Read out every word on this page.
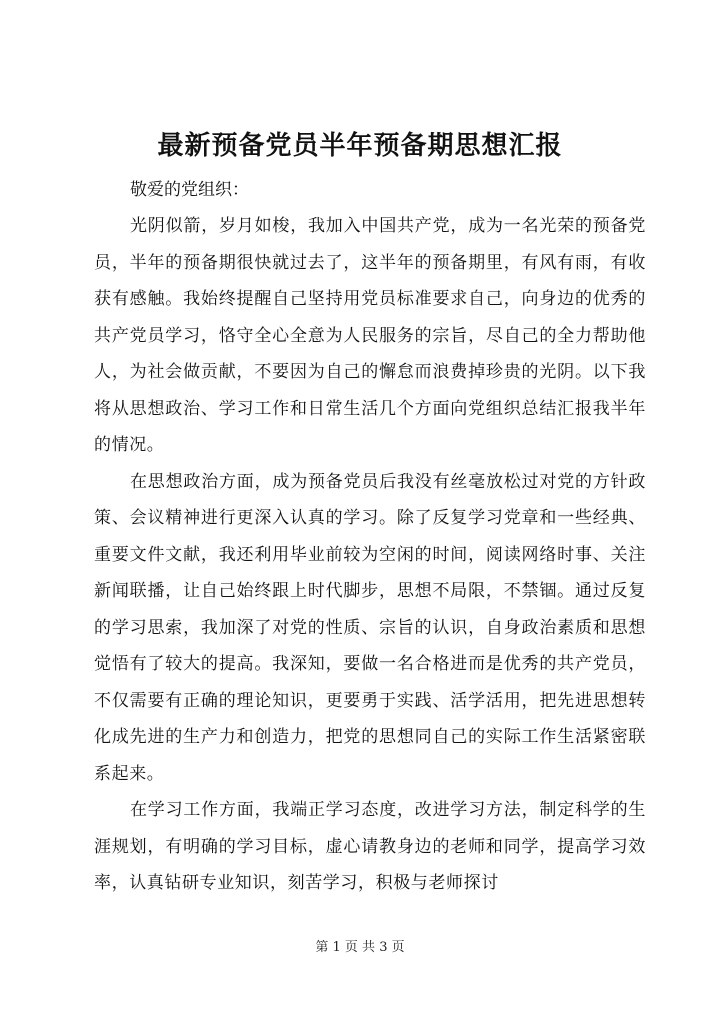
最新预备党员半年预备期思想汇报

敬爱的党组织：

光阴似箭，岁月如梭，我加入中国共产党，成为一名光荣的预备党员，半年的预备期很快就过去了，这半年的预备期里，有风有雨，有收获有感触。我始终提醒自己坚持用党员标准要求自己，向身边的优秀的共产党员学习，恪守全心全意为人民服务的宗旨，尽自己的全力帮助他人，为社会做贡献，不要因为自己的懈怠而浪费掉珍贵的光阴。以下我将从思想政治、学习工作和日常生活几个方面向党组织总结汇报我半年的情况。

在思想政治方面，成为预备党员后我没有丝毫放松过对党的方针政策、会议精神进行更深入认真的学习。除了反复学习党章和一些经典、重要文件文献，我还利用毕业前较为空闲的时间，阅读网络时事、关注新闻联播，让自己始终跟上时代脚步，思想不局限，不禁锢。通过反复的学习思索，我加深了对党的性质、宗旨的认识，自身政治素质和思想觉悟有了较大的提高。我深知，要做一名合格进而是优秀的共产党员，不仅需要有正确的理论知识，更要勇于实践、活学活用，把先进思想转化成先进的生产力和创造力，把党的思想同自己的实际工作生活紧密联系起来。

在学习工作方面，我端正学习态度，改进学习方法，制定科学的生涯规划，有明确的学习目标，虚心请教身边的老师和同学，提高学习效率，认真钻研专业知识，刻苦学习，积极与老师探讨

第 1 页 共 3 页
